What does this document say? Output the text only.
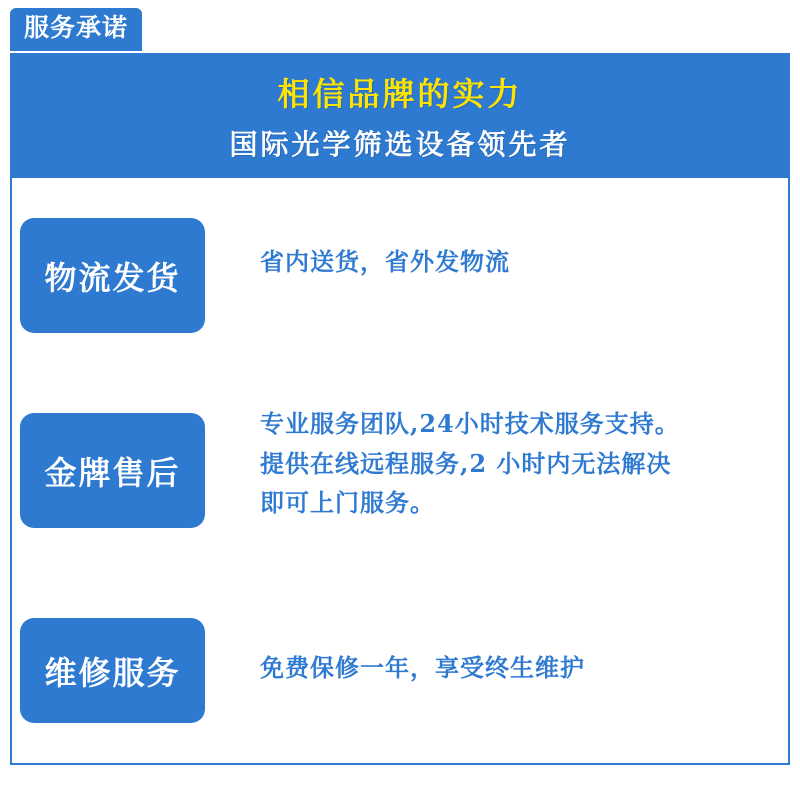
服务承诺
相信品牌的实力
国际光学筛选设备领先者
物流发货	省内送货，省外发物流
金牌售后
专业服务团队,24小时技术服务支持。
提供在线远程服务,2 小时内无法解决
即可上门服务。
维修服务	免费保修一年，享受终生维护
